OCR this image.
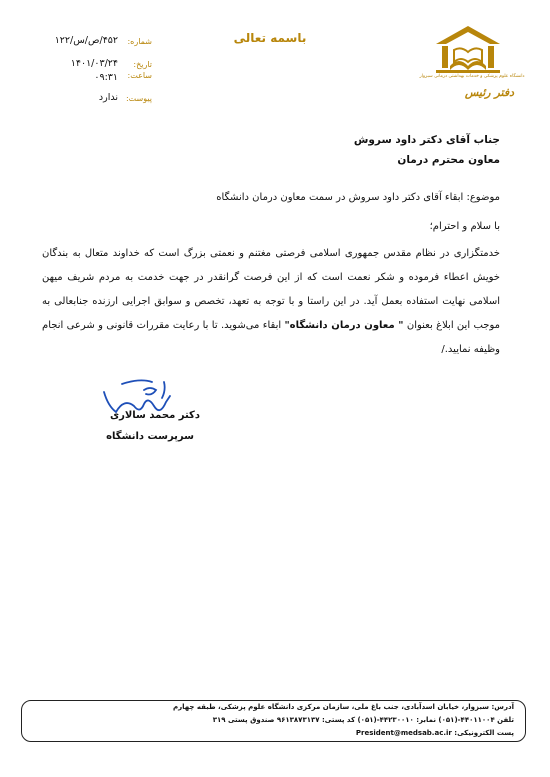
دانشگاه علوم پزشکی و خدمات بهداشتی درمانی سبزوار
دفتر رئیس
باسمه تعالی
شماره:
۴۵۲/ص/س/۱۲۲
تاریخ:
۱۴۰۱/۰۳/۲۴
ساعت:
۰۹:۳۱
پیوست:
ندارد
جناب آقای دکتر داود سروش
معاون محترم درمان
موضوع: ابقاء آقای دکتر داود سروش در سمت معاون درمان دانشگاه
با سلام و احترام؛
خدمتگزاری در نظام مقدس جمهوری اسلامی فرصتی مغتنم و نعمتی بزرگ است که خداوند متعال به بندگان خویش اعطاء فرموده و شکر نعمت است که از این فرصت گرانقدر در جهت خدمت به مردم شریف میهن اسلامی نهایت استفاده بعمل آید. در این راستا و با توجه به تعهد، تخصص و سوابق اجرایی ارزنده جنابعالی به موجب این ابلاغ بعنوان " معاون درمان دانشگاه" ابقاء می‌شوید. تا با رعایت مقررات قانونی و شرعی انجام وظیفه نمایید./
دکتر محمد سالاری
سرپرست دانشگاه
آدرس: سبزوار، خیابان اسدآبادی، جنب باغ ملی، سازمان مرکزی دانشگاه علوم پزشکی، طبقه چهارم
تلفن ۴۴۰۱۱۰۰۴-(۰۵۱) نمابر: ۴۴۲۳۰۰۱۰-(۰۵۱) کد پستی: ۹۶۱۳۸۷۳۱۳۷ صندوق پستی ۳۱۹
پست الکترونیکی: President@medsab.ac.ir
